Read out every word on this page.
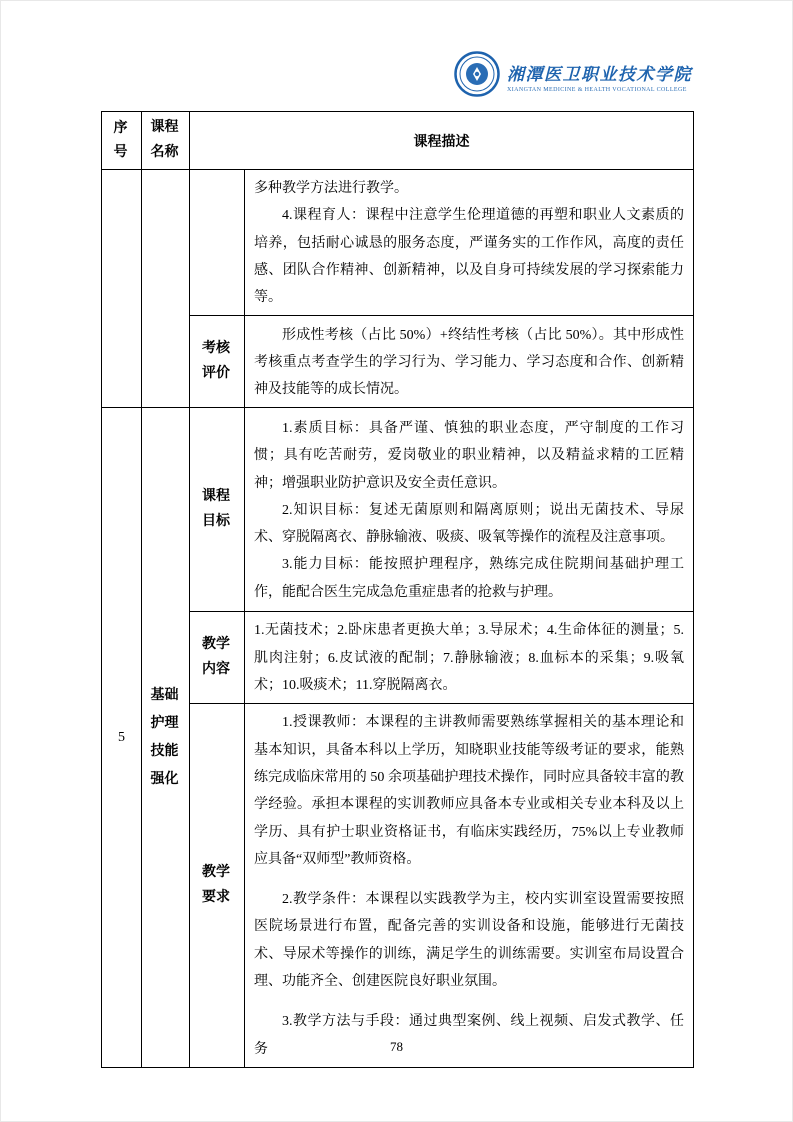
湘潭医卫职业技术学院
XIANGTAN MEDICINE & HEALTH VOCATIONAL COLLEGE
序号	课程名称	课程描述	

			多种教学方法进行教学。

4.课程育人：课程中注意学生伦理道德的再塑和职业人文素质的培养，包括耐心诚恳的服务态度，严谨务实的工作作风，高度的责任感、团队合作精神、创新精神，以及自身可持续发展的学习探索能力等。

		考核评价	形成性考核（占比 50%）+终结性考核（占比 50%）。其中形成性考核重点考查学生的学习行为、学习能力、学习态度和合作、创新精神及技能等的成长情况。

5	基础护理技能强化	课程目标	1.素质目标：具备严谨、慎独的职业态度，严守制度的工作习惯；具有吃苦耐劳，爱岗敬业的职业精神，以及精益求精的工匠精神；增强职业防护意识及安全责任意识。

2.知识目标：复述无菌原则和隔离原则；说出无菌技术、导尿术、穿脱隔离衣、静脉输液、吸痰、吸氧等操作的流程及注意事项。

3.能力目标：能按照护理程序，熟练完成住院期间基础护理工作，能配合医生完成急危重症患者的抢救与护理。

		教学内容	1.无菌技术；2.卧床患者更换大单；3.导尿术；4.生命体征的测量；5.肌肉注射；6.皮试液的配制；7.静脉输液；8.血标本的采集；9.吸氧术；10.吸痰术；11.穿脱隔离衣。

		教学要求	1.授课教师：本课程的主讲教师需要熟练掌握相关的基本理论和基本知识，具备本科以上学历，知晓职业技能等级考证的要求，能熟练完成临床常用的 50 余项基础护理技术操作，同时应具备较丰富的教学经验。承担本课程的实训教师应具备本专业或相关专业本科及以上学历、具有护士职业资格证书，有临床实践经历，75%以上专业教师应具备“双师型”教师资格。

2.教学条件：本课程以实践教学为主，校内实训室设置需要按照医院场景进行布置，配备完善的实训设备和设施，能够进行无菌技术、导尿术等操作的训练，满足学生的训练需要。实训室布局设置合理、功能齐全、创建医院良好职业氛围。

3.教学方法与手段：通过典型案例、线上视频、启发式教学、任务	78
